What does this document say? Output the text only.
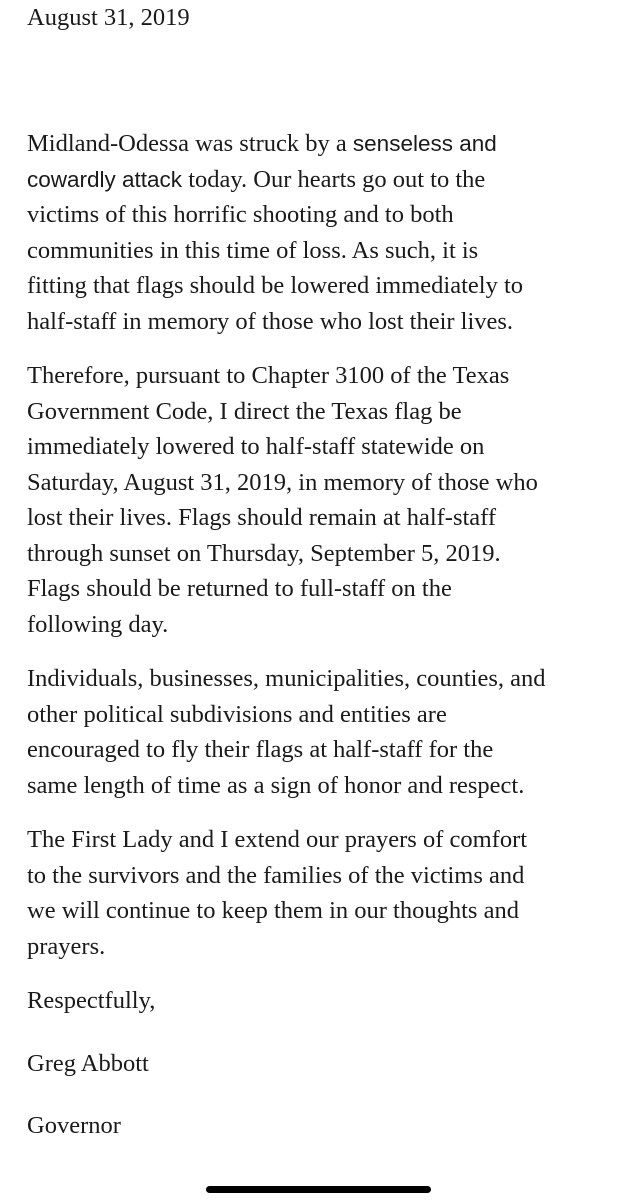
August 31, 2019

Midland-Odessa was struck by a senseless and
cowardly attack today. Our hearts go out to the
victims of this horrific shooting and to both
communities in this time of loss. As such, it is
fitting that flags should be lowered immediately to
half-staff in memory of those who lost their lives.

Therefore, pursuant to Chapter 3100 of the Texas
Government Code, I direct the Texas flag be
immediately lowered to half-staff statewide on
Saturday, August 31, 2019, in memory of those who
lost their lives. Flags should remain at half-staff
through sunset on Thursday, September 5, 2019.
Flags should be returned to full-staff on the
following day.

Individuals, businesses, municipalities, counties, and
other political subdivisions and entities are
encouraged to fly their flags at half-staff for the
same length of time as a sign of honor and respect.

The First Lady and I extend our prayers of comfort
to the survivors and the families of the victims and
we will continue to keep them in our thoughts and
prayers.

Respectfully,

Greg Abbott

Governor
